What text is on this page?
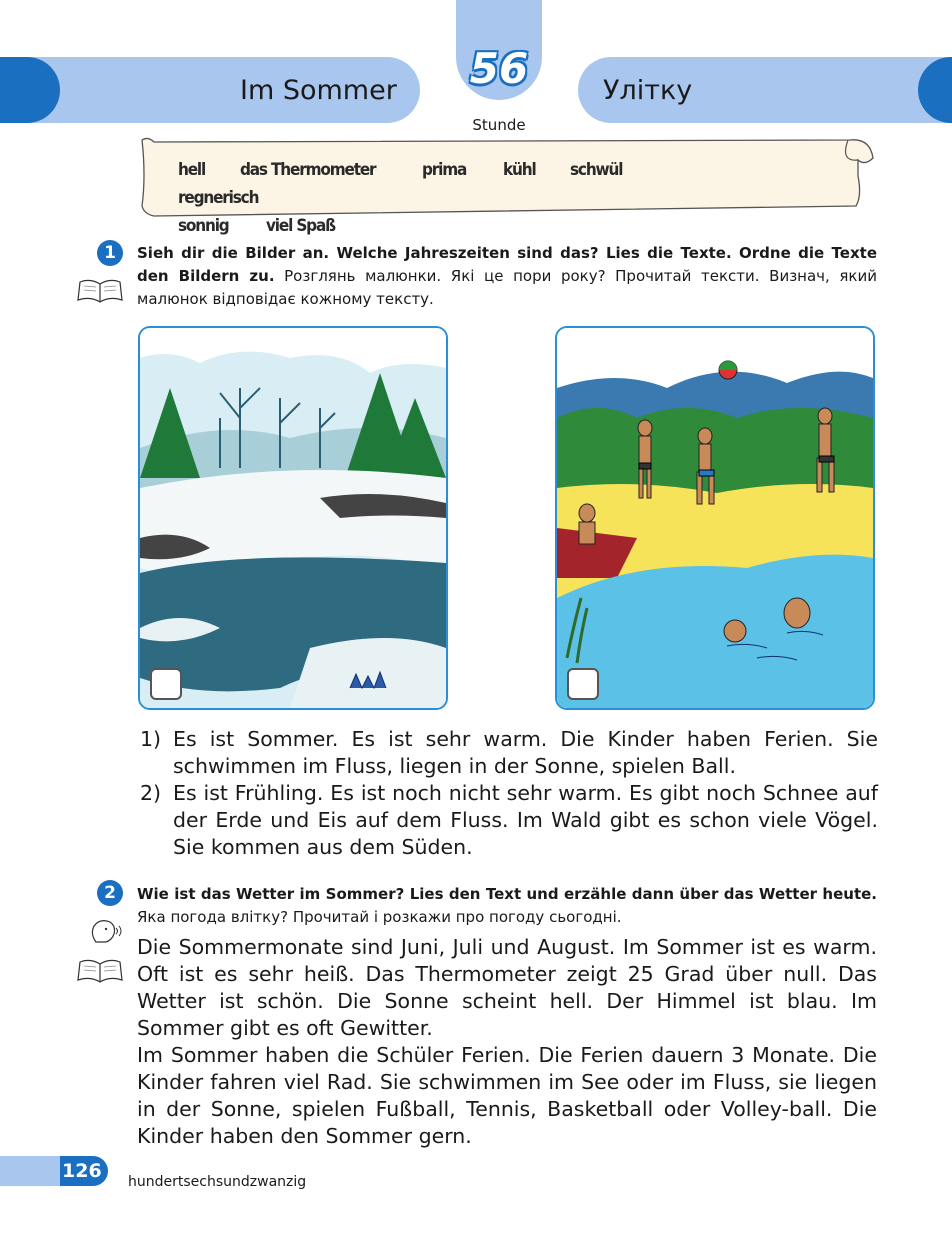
Im Sommer	Улітку
56
Stunde
hell das Thermometer	prima kühl schwül regnerisch
sonnig viel Spaß
1	Sieh dir die Bilder an. Welche Jahreszeiten sind das? Lies die Texte. Ordne die Texte den Bildern zu. Розглянь малюнки. Які це пори року? Прочитай тексти. Визнач, який малюнок відповідає кожному тексту.
1) Es ist Sommer. Es ist sehr warm. Die Kinder haben Ferien. Sie schwimmen im Fluss, liegen in der Sonne, spielen Ball.
2) Es ist Frühling. Es ist noch nicht sehr warm. Es gibt noch Schnee auf der Erde und Eis auf dem Fluss. Im Wald gibt es schon viele Vögel. Sie kommen aus dem Süden.
2	Wie ist das Wetter im Sommer? Lies den Text und erzähle dann über das Wetter heute. Яка погода влітку? Прочитай і розкажи про погоду сьогодні.
Die Sommermonate sind Juni, Juli und August. Im Sommer ist es warm. Oft ist es sehr heiß. Das Thermometer zeigt 25 Grad über null. Das Wetter ist schön. Die Sonne scheint hell. Der Himmel ist blau. Im Sommer gibt es oft Gewitter.
Im Sommer haben die Schüler Ferien. Die Ferien dauern 3 Monate. Die Kinder fahren viel Rad. Sie schwimmen im See oder im Fluss, sie liegen in der Sonne, spielen Fußball, Tennis, Basketball oder Volley-ball. Die Kinder haben den Sommer gern.
126 hundertsechsundzwanzig
